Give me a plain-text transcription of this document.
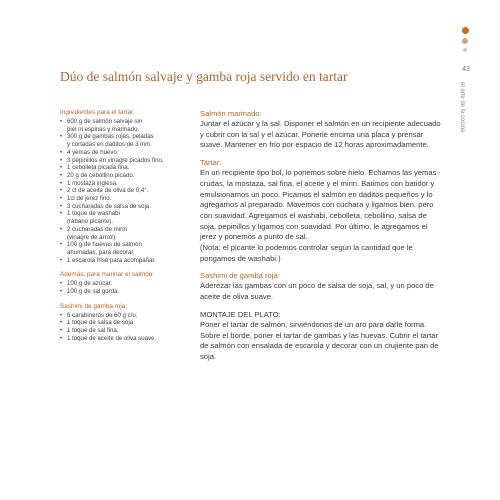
43
el arte de la cocina
Dúo de salmón salvaje y gamba roja servido en tartar
Ingredientes para el tartar:
• 600 g de salmón salvaje sin
piel ni espinas y marinado.
• 300 g de gambas rojas, peladas
y cortadas en daditos de 3 mm.
• 4 yemas de huevo.
• 3 pepinillos en vinagre picados fino.
• 1 cebolleta picada fina.
• 20 g de cebollino picado.
• 1 mostaza inglesa.
• 2 cl de aceite de oliva de 0,4°.
• 1cl de jerez fino.
• 3 cucharadas de salsa de soja.
• 1 toque de washabi
(rábano picante).
• 2 cucharadas de mirin
(vinagre de arroz).
• 100 g de huevas de salmón
ahumadas, para decorar.
• 1 escarola frisé para acompañar.
Además, para marinar el salmón:
• 100 g de azúcar.
• 100 g de sal gorda.
Sashimi de gamba roja:
• 6 carabineros de 60 g c/u.
• 1 toque de salsa de soja.
• 1 toque de sal fina.
• 1 toque de aceite de oliva suave.
Salmón marinado:

Juntar el azúcar y la sal. Disponer el salmón en un recipiente adecuado y cubrir con la sal y el azúcar. Ponerle encima una placa y prensar suave. Mantener en frío por espacio de 12 horas aproximadamente.

Tartar:

En un recipiente tipo bol, lo ponemos sobre hielo. Echamos las yemas crudas, la mostaza, sal fina, el aceite y el mirin. Batimos con batidor y emulsionamos un poco. Picamos el salmón en daditos pequeños y lo agregamos al preparado. Movemos con cuchara y ligamos bien. pero con suavidad. Agregamos el washabi, cebolleta, cebollino, salsa de soja, pepinillos y ligamos con suavidad. Por último, le agregamos el jerez y ponemos a punto de sal.
(Nota: el picante lo podemos controlar según la cantidad que le pongamos de washabi.)

Sashimi de gamba roja:

Aderezar las gambas con un poco de salsa de soja, sal, y un poco de aceite de oliva suave.

MONTAJE DEL PLATO:

Poner el tartar de salmón, sirviéndonos de un aro para darle forma. Sobre el borde, poner el tartar de gambas y las huevas. Cubrir el tartar de salmón con ensalada de escarola y decorar con un crujiente pan de soja.
